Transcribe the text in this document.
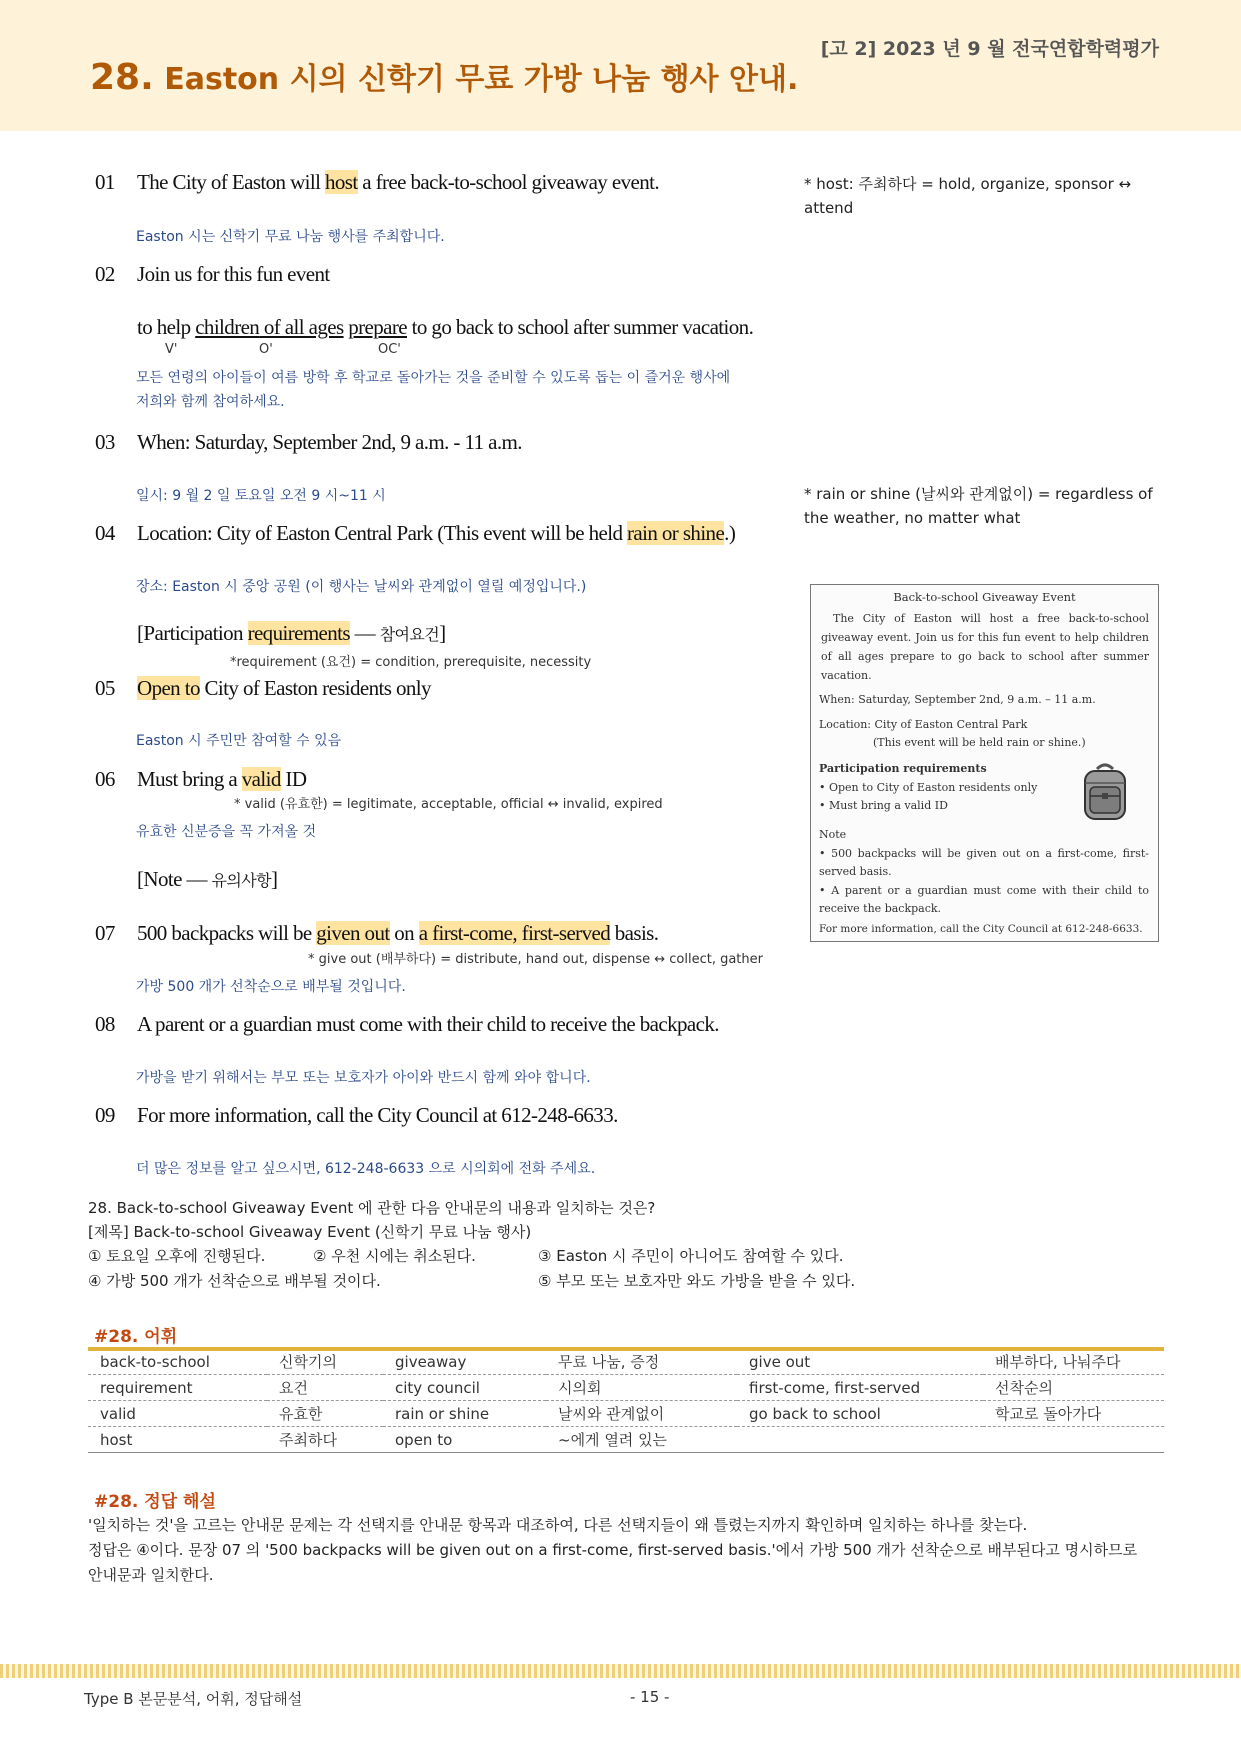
[고 2] 2023 년 9 월 전국연합학력평가
28. Easton 시의 신학기 무료 가방 나눔 행사 안내.
01 The City of Easton will host a free back-to-school giveaway event.
Easton 시는 신학기 무료 나눔 행사를 주최합니다.
* host: 주최하다 = hold, organize, sponsor ↔ attend
02 Join us for this fun event
to help children of all ages prepare to go back to school after summer vacation.
V'	O'	OC'
모든 연령의 아이들이 여름 방학 후 학교로 돌아가는 것을 준비할 수 있도록 돕는 이 즐거운 행사에
저희와 함께 참여하세요.
03 When: Saturday, September 2nd, 9 a.m. - 11 a.m.
일시: 9 월 2 일 토요일 오전 9 시~11 시	* rain or shine (날씨와 관계없이) = regardless of the weather, no matter what
04 Location: City of Easton Central Park (This event will be held rain or shine.)
장소: Easton 시 중앙 공원 (이 행사는 날씨와 관계없이 열릴 예정입니다.)
[Participation requirements — 참여요건]
*requirement (요건) = condition, prerequisite, necessity
05 Open to City of Easton residents only
Easton 시 주민만 참여할 수 있음
06 Must bring a valid ID
* valid (유효한) = legitimate, acceptable, official ↔ invalid, expired
유효한 신분증을 꼭 가져올 것
[Note — 유의사항]
07 500 backpacks will be given out on a first-come, first-served basis.
* give out (배부하다) = distribute, hand out, dispense ↔ collect, gather
가방 500 개가 선착순으로 배부될 것입니다.
08 A parent or a guardian must come with their child to receive the backpack.
가방을 받기 위해서는 부모 또는 보호자가 아이와 반드시 함께 와야 합니다.
09 For more information, call the City Council at 612-248-6633.
더 많은 정보를 알고 싶으시면, 612-248-6633 으로 시의회에 전화 주세요.
Back-to-school Giveaway Event
The City of Easton will host a free back-to-school giveaway event. Join us for this fun event to help children of all ages prepare to go back to school after summer vacation.
When: Saturday, September 2nd, 9 a.m. – 11 a.m.
Location: City of Easton Central Park
(This event will be held rain or shine.)
Participation requirements
• Open to City of Easton residents only
• Must bring a valid ID
Note
• 500 backpacks will be given out on a first-come, first-served basis.
• A parent or a guardian must come with their child to receive the backpack.
For more information, call the City Council at 612-248-6633.
28. Back-to-school Giveaway Event 에 관한 다음 안내문의 내용과 일치하는 것은?
[제목] Back-to-school Giveaway Event (신학기 무료 나눔 행사)
① 토요일 오후에 진행된다.	② 우천 시에는 취소된다.	③ Easton 시 주민이 아니어도 참여할 수 있다.
④ 가방 500 개가 선착순으로 배부될 것이다.	⑤ 부모 또는 보호자만 와도 가방을 받을 수 있다.
#28. 어휘
back-to-school	신학기의	giveaway	무료 나눔, 증정	give out	배부하다, 나눠주다
requirement	요건	city council	시의회	first-come, first-served	선착순의
valid	유효한	rain or shine	날씨와 관계없이	go back to school	학교로 돌아가다
host	주최하다	open to	~에게 열려 있는		
#28. 정답 해설
'일치하는 것'을 고르는 안내문 문제는 각 선택지를 안내문 항목과 대조하여, 다른 선택지들이 왜 틀렸는지까지 확인하며 일치하는 하나를 찾는다.
정답은 ④이다. 문장 07 의 '500 backpacks will be given out on a first-come, first-served basis.'에서 가방 500 개가 선착순으로 배부된다고 명시하므로
안내문과 일치한다.
Type B 본문분석, 어휘, 정답해설	- 15 -
